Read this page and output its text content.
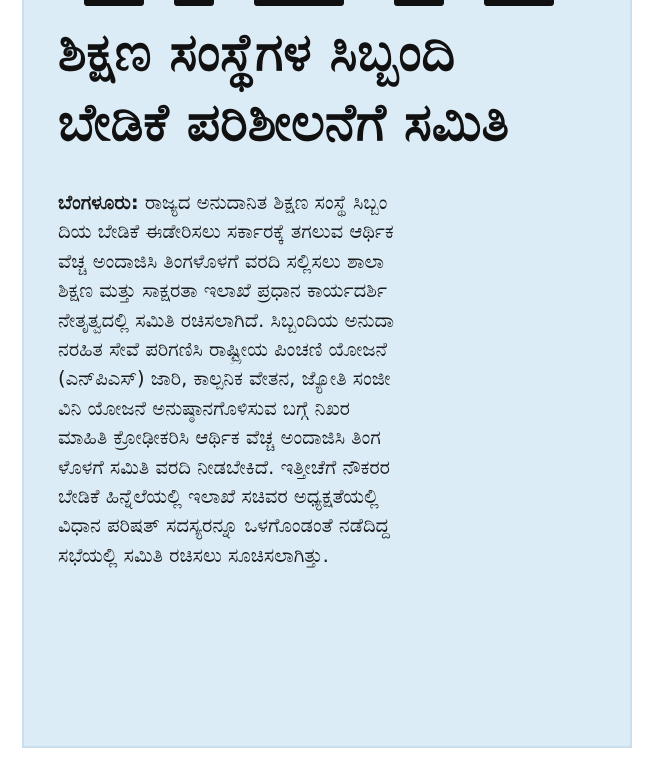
ಶಿಕ್ಷಣ ಸಂಸ್ಥೆಗಳ ಸಿಬ್ಬಂದಿ
ಬೇಡಿಕೆ ಪರಿಶೀಲನೆಗೆ ಸಮಿತಿ
ಬೆಂಗಳೂರು: ರಾಜ್ಯದ ಅನುದಾನಿತ ಶಿಕ್ಷಣ ಸಂಸ್ಥೆ ಸಿಬ್ಬಂ
ದಿಯ ಬೇಡಿಕೆ ಈಡೇರಿಸಲು ಸರ್ಕಾರಕ್ಕೆ ತಗಲುವ ಆರ್ಥಿಕ
ವೆಚ್ಚ ಅಂದಾಜಿಸಿ ತಿಂಗಳೊಳಗೆ ವರದಿ ಸಲ್ಲಿಸಲು ಶಾಲಾ
ಶಿಕ್ಷಣ ಮತ್ತು ಸಾಕ್ಷರತಾ ಇಲಾಖೆ ಪ್ರಧಾನ ಕಾರ್ಯದರ್ಶಿ
ನೇತೃತ್ವದಲ್ಲಿ ಸಮಿತಿ ರಚಿಸಲಾಗಿದೆ. ಸಿಬ್ಬಂದಿಯ ಅನುದಾ
ನರಹಿತ ಸೇವೆ ಪರಿಗಣಿಸಿ ರಾಷ್ಟ್ರೀಯ ಪಿಂಚಣಿ ಯೋಜನೆ
(ಎನ್‌ಪಿಎಸ್) ಜಾರಿ, ಕಾಲ್ಪನಿಕ ವೇತನ, ಜ್ಯೋತಿ ಸಂಜೀ
ವಿನಿ ಯೋಜನೆ ಅನುಷ್ಠಾನಗೊಳಿಸುವ ಬಗ್ಗೆ ನಿಖರ
ಮಾಹಿತಿ ಕ್ರೋಢೀಕರಿಸಿ ಆರ್ಥಿಕ ವೆಚ್ಚ ಅಂದಾಜಿಸಿ ತಿಂಗ
ಳೊಳಗೆ ಸಮಿತಿ ವರದಿ ನೀಡಬೇಕಿದೆ. ಇತ್ತೀಚೆಗೆ ನೌಕರರ
ಬೇಡಿಕೆ ಹಿನ್ನೆಲೆಯಲ್ಲಿ ಇಲಾಖೆ ಸಚಿವರ ಅಧ್ಯಕ್ಷತೆಯಲ್ಲಿ
ವಿಧಾನ ಪರಿಷತ್ ಸದಸ್ಯರನ್ನೂ ಒಳಗೊಂಡಂತೆ ನಡೆದಿದ್ದ
ಸಭೆಯಲ್ಲಿ ಸಮಿತಿ ರಚಿಸಲು ಸೂಚಿಸಲಾಗಿತ್ತು.
